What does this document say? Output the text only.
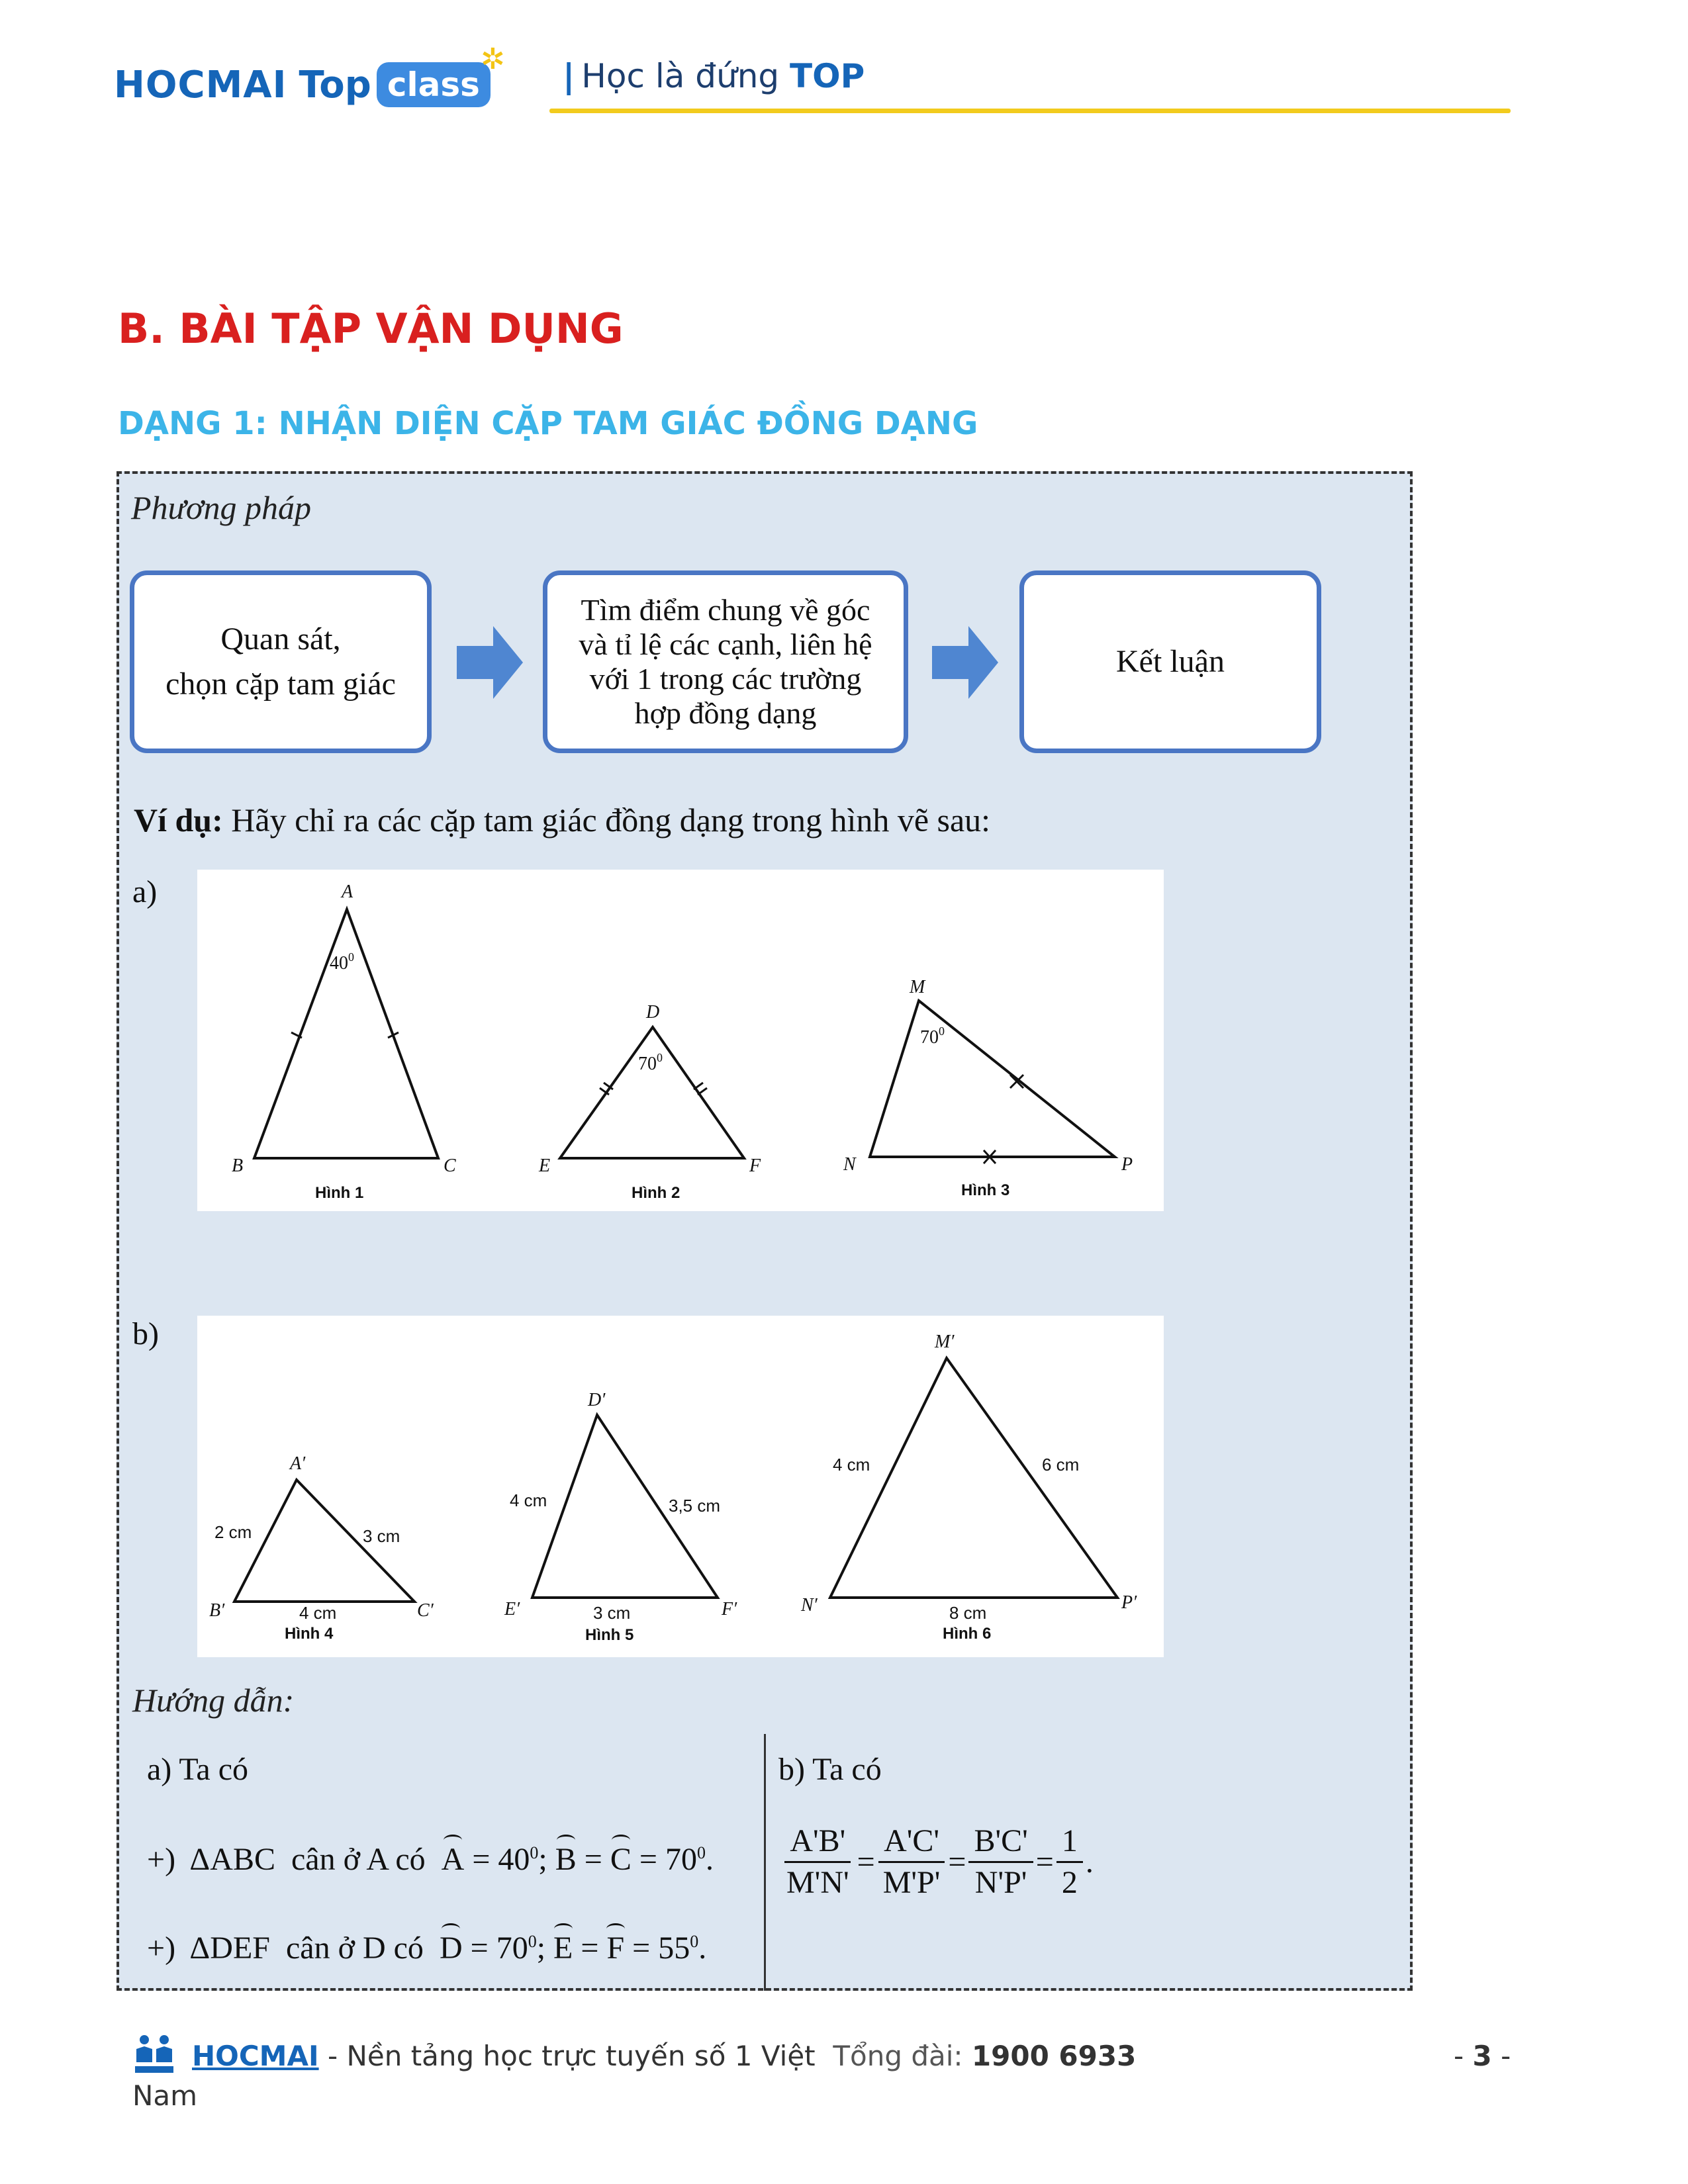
HOCMAI Top class
✲ | Học là đứng TOP
B. BÀI TẬP VẬN DỤNG
DẠNG 1: NHẬN DIỆN CẶP TAM GIÁC ĐỒNG DẠNG
Phương pháp
Quan sát,
chọn cặp tam giác
Tìm điểm chung về góc
và tỉ lệ các cạnh, liên hệ
với 1 trong các trường
hợp đồng dạng
Kết luận
Ví dụ: Hãy chỉ ra các cặp tam giác đồng dạng trong hình vẽ sau:
a)
b)
A
B	C
$40^0$
Hình 1
D
E	F
$70^0$
Hình 2
M
N	P
$70^0$
Hình 3
A′
B′	C′
2 cm	3 cm
4 cm
Hình 4
D′
E′	F′
4 cm	3,5 cm
3 cm
Hình 5
M′
N′	P′
4 cm	6 cm
8 cm
Hình 6
Hướng dẫn:
a) Ta có
+) ΔABC cân ở A có $A = 40^0$; $B = C = 70^0$.
+) ΔDEF cân ở D có $D = 70^0$; $E = F = 55^0$.
b) Ta có
$\frac{A'B'}{M'N'} = \frac{A'C'}{M'P'} = \frac{B'C'}{N'P'} = \frac{1}{2}$ .
HOCMAI - Nền tảng học trực tuyến số 1 Việt Tổng đài: 1900 6933
Nam
- 3 -
